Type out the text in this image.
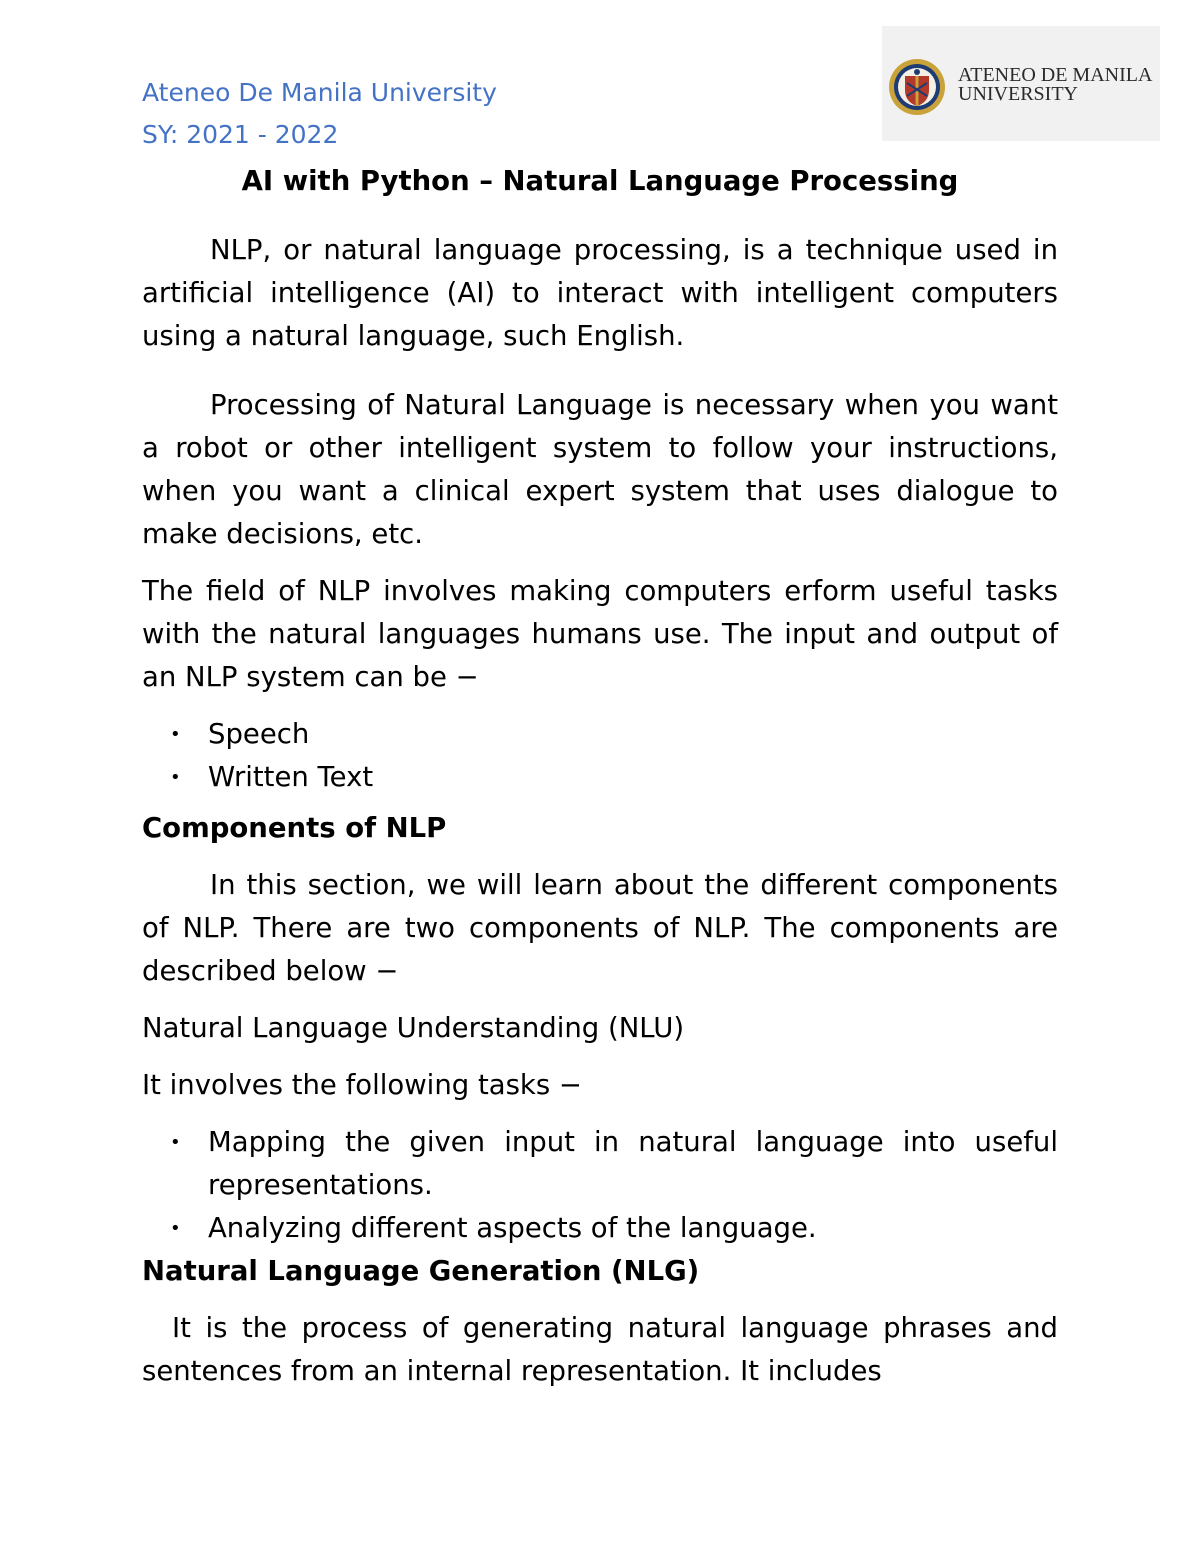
Ateneo De Manila University
SY: 2021 - 2022
ATENEO DE MANILA
UNIVERSITY

AI with Python – Natural Language Processing

NLP, or natural language processing, is a technique used in artificial intelligence (AI) to interact with intelligent computers using a natural language, such English.

Processing of Natural Language is necessary when you want a robot or other intelligent system to follow your instructions, when you want a clinical expert system that uses dialogue to make decisions, etc.

The field of NLP involves making computers erform useful tasks with the natural languages humans use. The input and output of an NLP system can be −

• Speech
• Written Text

Components of NLP

In this section, we will learn about the different components of NLP. There are two components of NLP. The components are described below −

Natural Language Understanding (NLU)

It involves the following tasks −

• Mapping the given input in natural language into useful representations.
• Analyzing different aspects of the language.

Natural Language Generation (NLG)

It is the process of generating natural language phrases and sentences from an internal representation. It includes
